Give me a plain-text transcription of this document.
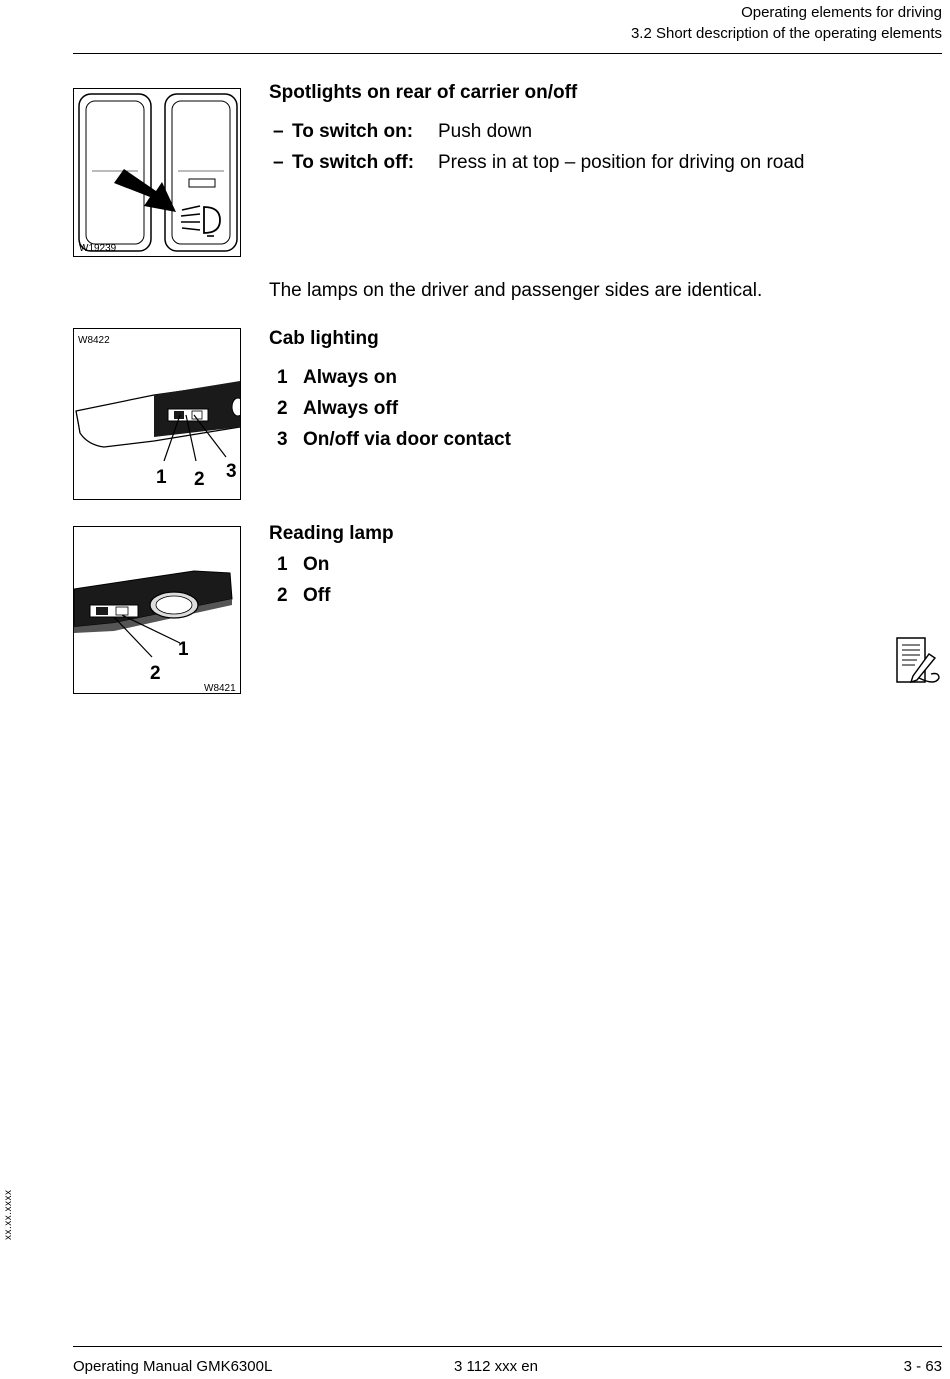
Operating elements for driving
3.2 Short description of the operating elements
W19239
Spotlights on rear of carrier on/off
– To switch on: Push down
– To switch off: Press in at top – position for driving on road
The lamps on the driver and passenger sides are identical.
W8422
1 2 3
Cab lighting
1 Always on
2 Always off
3 On/off via door contact
1
2
W8421
Reading lamp
1 On
2 Off
xx.xx.xxxx
Operating Manual GMK6300L	3 112 xxx en	3 - 63
